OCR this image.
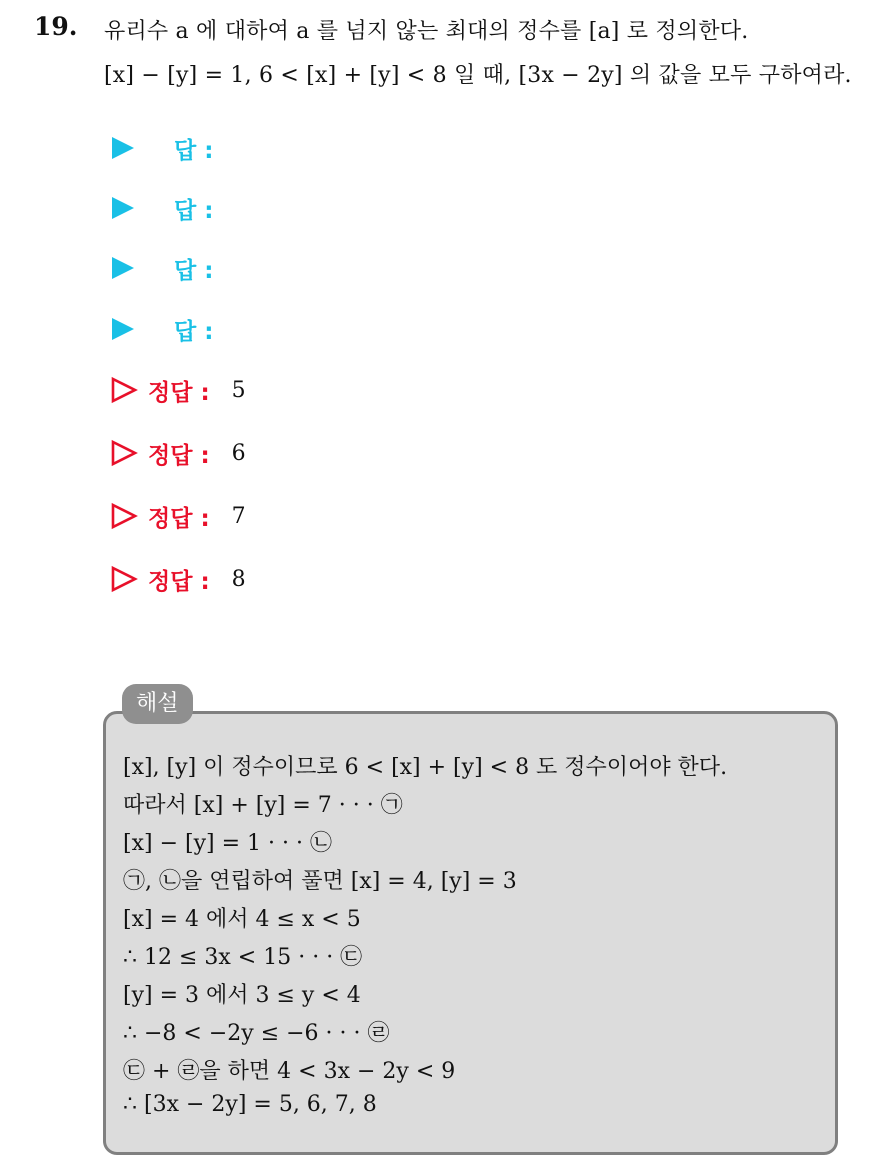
19. 유리수 a 에 대하여 a 를 넘지 않는 최대의 정수를 [a] 로 정의한다.
[x] − [y] = 1, 6 < [x] + [y] < 8 일 때, [3x − 2y] 의 값을 모두 구하여라.
답 :
답 :
답 :
답 :
정답 : 5
정답 : 6
정답 : 7
정답 : 8
해설
[x], [y] 이 정수이므로 6 < [x] + [y] < 8 도 정수이어야 한다.
따라서 [x] + [y] = 7 · · · ㉠
[x] − [y] = 1 · · · ㉡
㉠, ㉡을 연립하여 풀면 [x] = 4, [y] = 3
[x] = 4 에서 4 ≤ x < 5
∴ 12 ≤ 3x < 15 · · · ㉢
[y] = 3 에서 3 ≤ y < 4
∴ −8 < −2y ≤ −6 · · · ㉣
㉢ + ㉣을 하면 4 < 3x − 2y < 9
∴ [3x − 2y] = 5, 6, 7, 8
